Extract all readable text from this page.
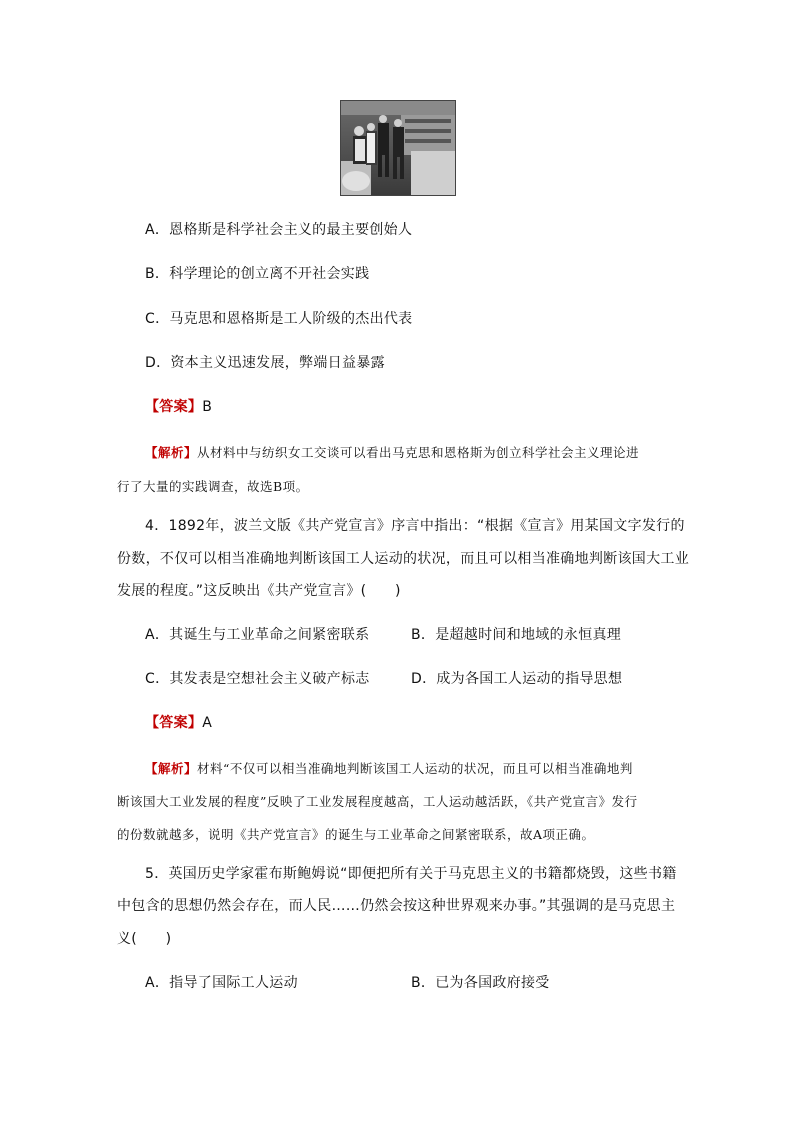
A．恩格斯是科学社会主义的最主要创始人
B．科学理论的创立离不开社会实践
C．马克思和恩格斯是工人阶级的杰出代表
D．资本主义迅速发展，弊端日益暴露
【答案】B
【解析】从材料中与纺织女工交谈可以看出马克思和恩格斯为创立科学社会主义理论进
行了大量的实践调查，故选B项。
4．1892年，波兰文版《共产党宣言》序言中指出：“根据《宣言》用某国文字发行的
份数，不仅可以相当准确地判断该国工人运动的状况，而且可以相当准确地判断该国大工业
发展的程度。”这反映出《共产党宣言》(　　)
A．其诞生与工业革命之间紧密联系	B．是超越时间和地域的永恒真理
C．其发表是空想社会主义破产标志	D．成为各国工人运动的指导思想
【答案】A
【解析】材料“不仅可以相当准确地判断该国工人运动的状况，而且可以相当准确地判
断该国大工业发展的程度”反映了工业发展程度越高，工人运动越活跃，《共产党宣言》发行
的份数就越多，说明《共产党宣言》的诞生与工业革命之间紧密联系，故A项正确。
5．英国历史学家霍布斯鲍姆说“即便把所有关于马克思主义的书籍都烧毁，这些书籍
中包含的思想仍然会存在，而人民……仍然会按这种世界观来办事。”其强调的是马克思主
义(　　)
A．指导了国际工人运动	B．已为各国政府接受
